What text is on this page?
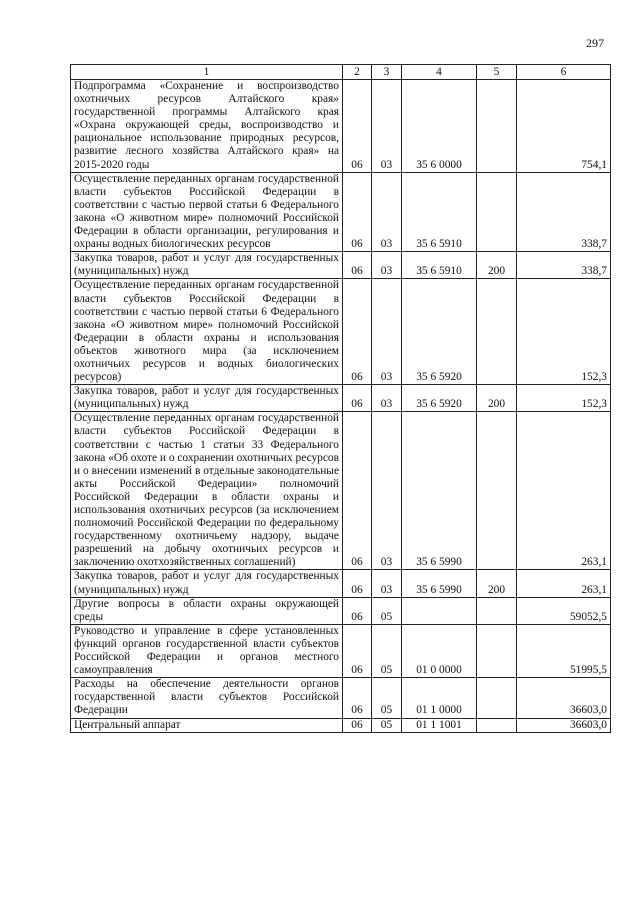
297
1	2	3	4	5	6
Подпрограмма «Сохранение и воспроизводство охотничьих ресурсов Алтайского края» государственной программы Алтайского края «Охрана окружающей среды, воспроизводство и рациональное использование природных ресурсов, развитие лесного хозяйства Алтайского края» на 2015-2020 годы	06	03	35 6 0000		754,1
Осуществление переданных органам государственной власти субъектов Российской Федерации в соответствии с частью первой статьи 6 Федерального закона «О животном мире» полномочий Российской Федерации в области организации, регулирования и охраны водных биологических ресурсов	06	03	35 6 5910		338,7
Закупка товаров, работ и услуг для государственных (муниципальных) нужд	06	03	35 6 5910	200	338,7
Осуществление переданных органам государственной власти субъектов Российской Федерации в соответствии с частью первой статьи 6 Федерального закона «О животном мире» полномочий Российской Федерации в области охраны и использования объектов животного мира (за исключением охотничьих ресурсов и водных биологических ресурсов)	06	03	35 6 5920		152,3
Закупка товаров, работ и услуг для государственных (муниципальных) нужд	06	03	35 6 5920	200	152,3
Осуществление переданных органам государственной власти субъектов Российской Федерации в соответствии с частью 1 статьи 33 Федерального закона «Об охоте и о сохранении охотничьих ресурсов и о внесении изменений в отдельные законодательные акты Российской Федерации» полномочий Российской Федерации в области охраны и использования охотничьих ресурсов (за исключением полномочий Российской Федерации по федеральному государственному охотничьему надзору, выдаче разрешений на добычу охотничьих ресурсов и заключению охотхозяйственных соглашений)	06	03	35 6 5990		263,1
Закупка товаров, работ и услуг для государственных (муниципальных) нужд	06	03	35 6 5990	200	263,1
Другие вопросы в области охраны окружающей среды	06	05			59052,5
Руководство и управление в сфере установленных функций органов государственной власти субъектов Российской Федерации и органов местного самоуправления	06	05	01 0 0000		51995,5
Расходы на обеспечение деятельности органов государственной власти субъектов Российской Федерации	06	05	01 1 0000		36603,0
Центральный аппарат	06	05	01 1 1001		36603,0
